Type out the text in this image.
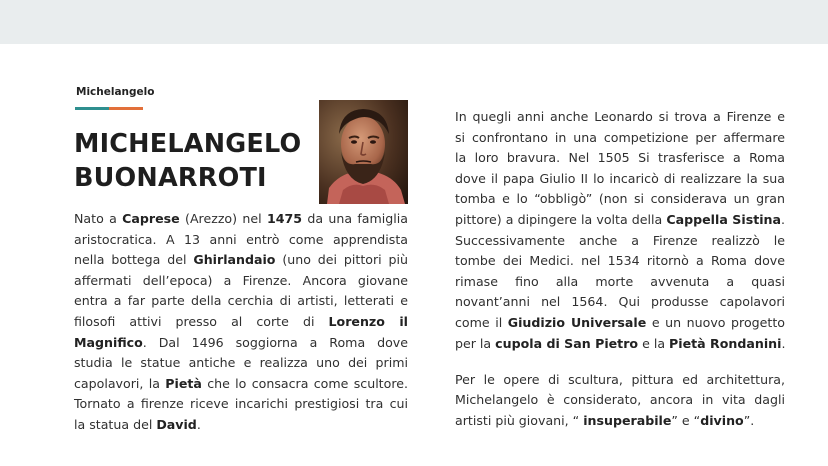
Michelangelo
MICHELANGELO
BUONARROTI
Nato a Caprese (Arezzo) nel 1475 da una famiglia
aristocratica. A 13 anni entrò come apprendista
nella bottega del Ghirlandaio (uno dei pittori più
affermati dell’epoca) a Firenze. Ancora giovane
entra a far parte della cerchia di artisti, letterati e
filosofi attivi presso al corte di Lorenzo il
Magnifico. Dal 1496 soggiorna a Roma dove
studia le statue antiche e realizza uno dei primi
capolavori, la Pietà che lo consacra come scultore.
Tornato a firenze riceve incarichi prestigiosi tra cui
la statua del David.
In quegli anni anche Leonardo si trova a Firenze e
si confrontano in una competizione per affermare
la loro bravura. Nel 1505 Si trasferisce a Roma
dove il papa Giulio II lo incaricò di realizzare la sua
tomba e lo “obbligò” (non si considerava un gran
pittore) a dipingere la volta della Cappella Sistina.
Successivamente anche a Firenze realizzò le
tombe dei Medici. nel 1534 ritornò a Roma dove
rimase fino alla morte avvenuta a quasi
novant’anni nel 1564. Qui produsse capolavori
come il Giudizio Universale e un nuovo progetto
per la cupola di San Pietro e la Pietà Rondanini.
Per le opere di scultura, pittura ed architettura,
Michelangelo è considerato, ancora in vita dagli
artisti più giovani, “ insuperabile” e “divino”.
